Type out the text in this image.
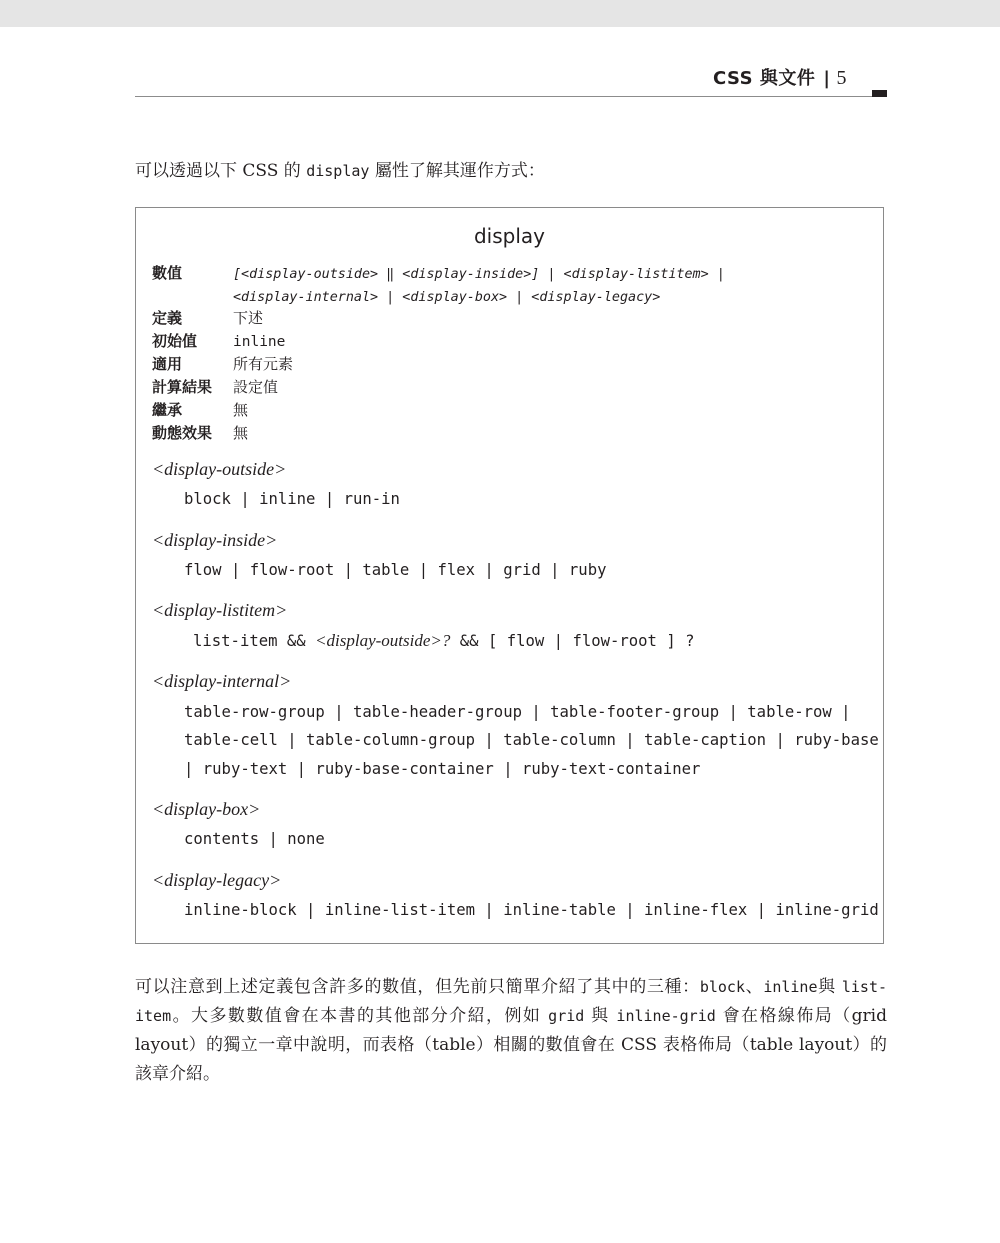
CSS 與文件 | 5

可以透過以下 CSS 的 display 屬性了解其運作方式：

display
數值	[<display-outside> ‖ <display-inside>] | <display-listitem> |
<display-internal> | <display-box> | <display-legacy>
定義	下述
初始值 inline
適用	所有元素
計算結果 設定值
繼承	無
動態效果 無
<display-outside>
block | inline | run-in
<display-inside>
flow | flow-root | table | flex | grid | ruby
<display-listitem>
list-item && <display-outside>? && [ flow | flow-root ] ?
<display-internal>
table-row-group | table-header-group | table-footer-group | table-row |
table-cell | table-column-group | table-column | table-caption | ruby-base
| ruby-text | ruby-base-container | ruby-text-container
<display-box>
contents | none
<display-legacy>
inline-block | inline-list-item | inline-table | inline-flex | inline-grid

可以注意到上述定義包含許多的數值，但先前只簡單介紹了其中的三種：block、inline與 list-item。大多數數值會在本書的其他部分介紹，例如 grid 與 inline-grid 會在格線佈局（grid layout）的獨立一章中說明，而表格（table）相關的數值會在 CSS 表格佈局（table layout）的該章介紹。
